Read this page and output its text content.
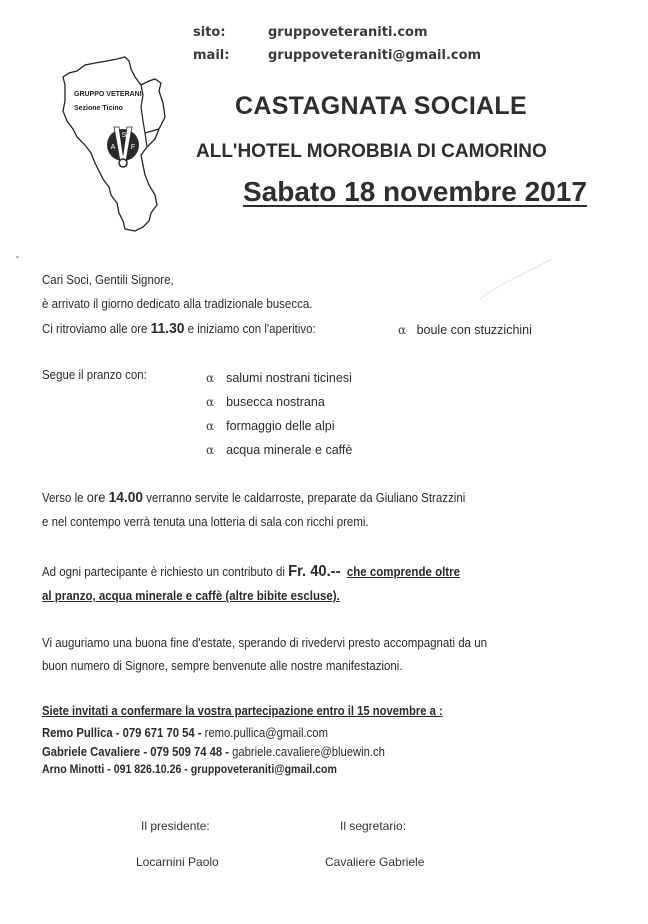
sito:	gruppoveteraniti.com
mail:	gruppoveteraniti@gmail.com
GRUPPO VETERANI
Sezione Ticino
S
A F
CASTAGNATA SOCIALE
ALL'HOTEL MOROBBIA DI CAMORINO
Sabato 18 novembre 2017
Cari Soci, Gentili Signore,
è arrivato il giorno dedicato alla tradizionale busecca.
Ci ritroviamo alle ore 11.30 e iniziamo con l'aperitivo:	α boule con stuzzichini
Segue il pranzo con:	α salumi nostrani ticinesi
α busecca nostrana
α formaggio delle alpi
α acqua minerale e caffè
Verso le ore 14.00 verranno servite le caldarroste, preparate da Giuliano Strazzini
e nel contempo verrà tenuta una lotteria di sala con ricchi premi.
Ad ogni partecipante è richiesto un contributo di Fr. 40.-- che comprende oltre
al pranzo, acqua minerale e caffè (altre bibite escluse).
Vi auguriamo una buona fine d'estate, sperando di rivedervi presto accompagnati da un
buon numero di Signore, sempre benvenute alle nostre manifestazioni.
Siete invitati a confermare la vostra partecipazione entro il 15 novembre a :
Remo Pullica - 079 671 70 54 - remo.pullica@gmail.com
Gabriele Cavaliere - 079 509 74 48 - gabriele.cavaliere@bluewin.ch
Arno Minotti - 091 826.10.26 - gruppoveteraniti@gmail.com
Il presidente:	Il segretario:
Locarnini Paolo	Cavaliere Gabriele
